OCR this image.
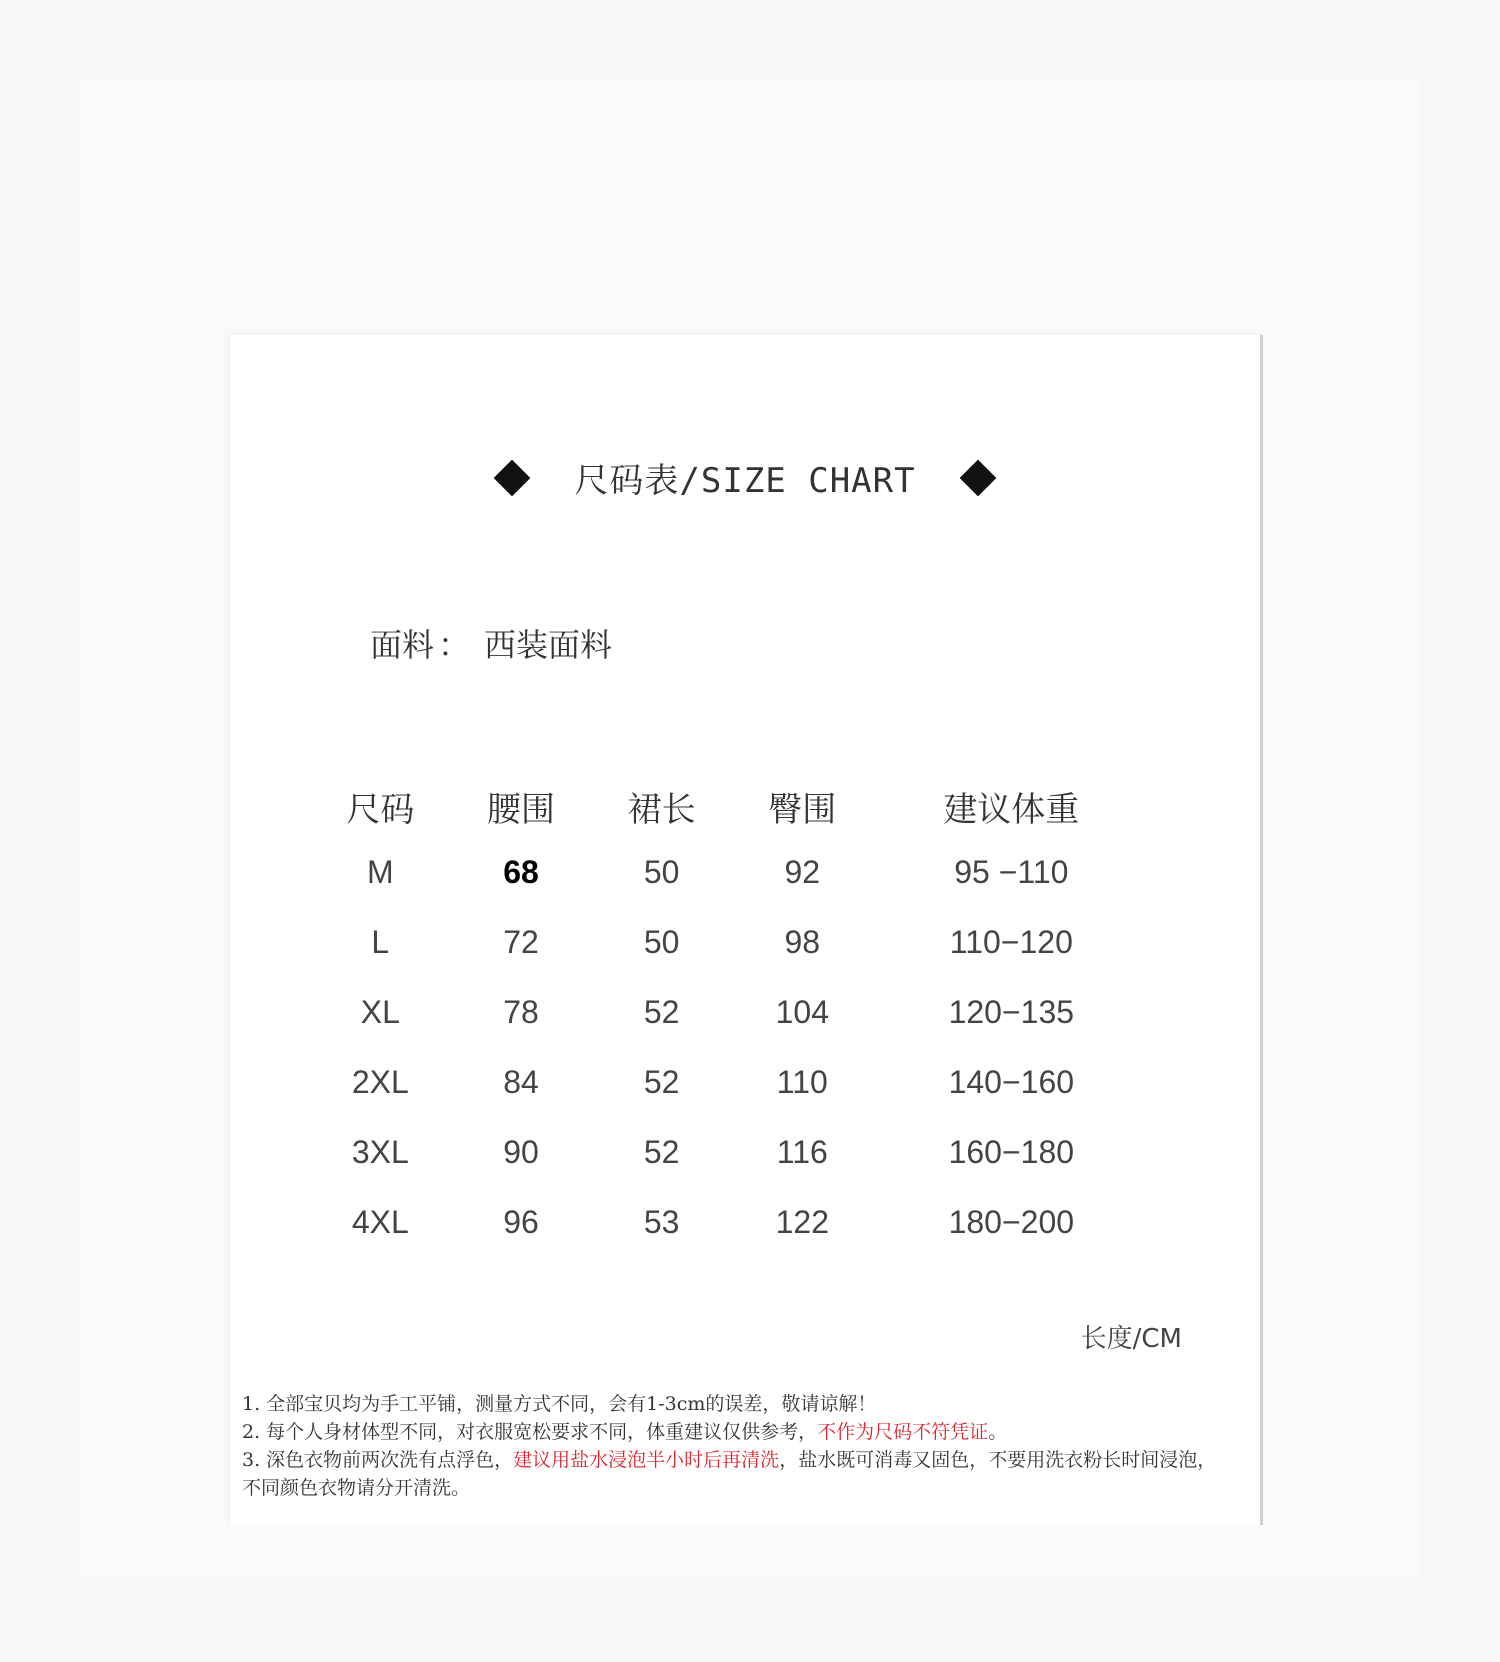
尺码表/SIZE CHART
面料 ： 西装面料
尺码	腰围	裙长	臀围	建议体重
M	68	50	92	95 −110
L	72	50	98	110−120
XL	78	52	104	120−135
2XL	84	52	110	140−160
3XL	90	52	116	160−180
4XL	96	53	122	180−200
长度/CM

1. 全部宝贝均为手工平铺，测量方式不同，会有1-3cm的误差，敬请谅解！

2. 每个人身材体型不同，对衣服宽松要求不同，体重建议仅供参考，不作为尺码不符凭证。

3. 深色衣物前两次洗有点浮色，建议用盐水浸泡半小时后再清洗，盐水既可消毒又固色，不要用洗衣粉长时间浸泡，不同颜色衣物请分开清洗。
